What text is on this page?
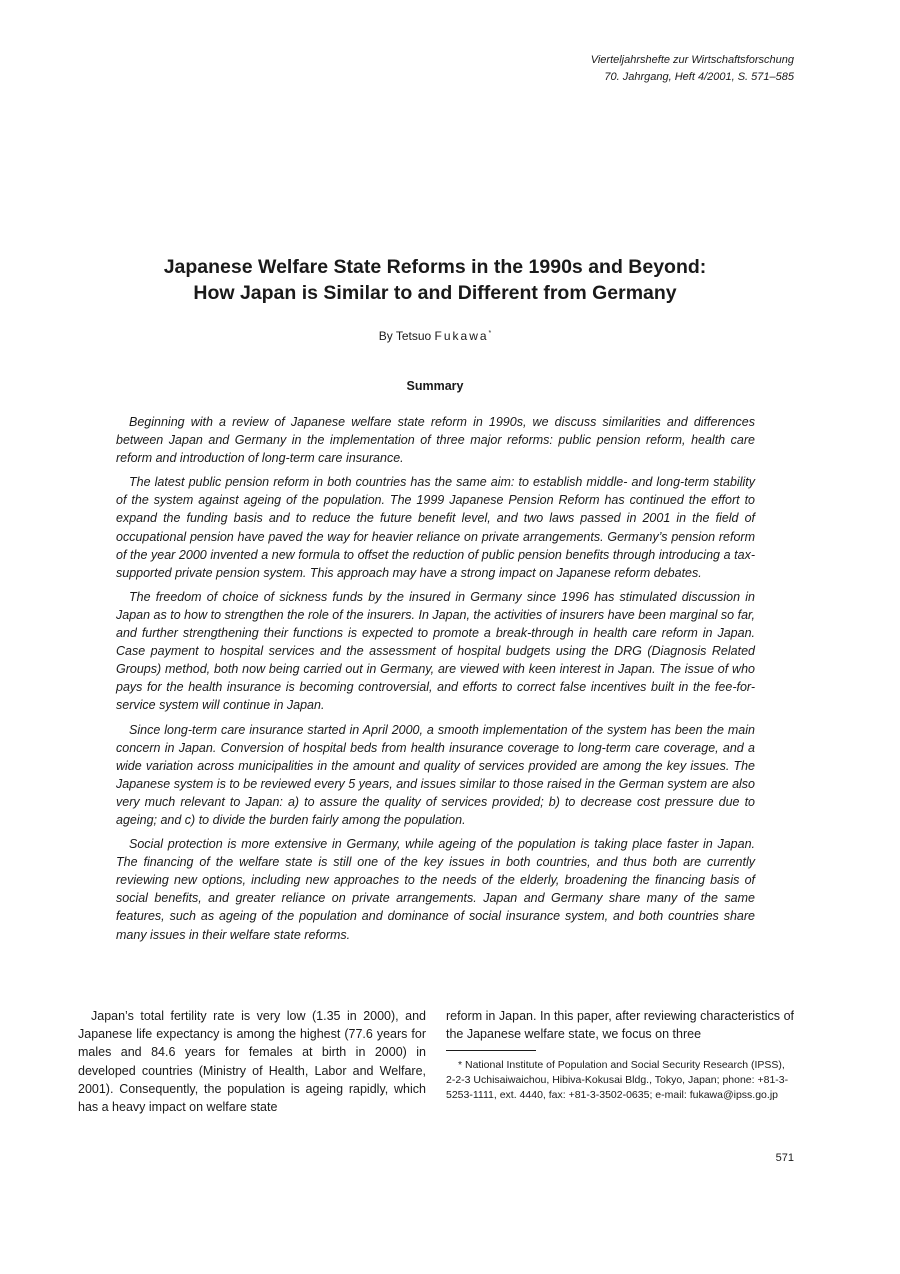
Vierteljahrshefte zur Wirtschaftsforschung
70. Jahrgang, Heft 4/2001, S. 571–585
Japanese Welfare State Reforms in the 1990s and Beyond:
How Japan is Similar to and Different from Germany
By Tetsuo Fukawa*
Summary

Beginning with a review of Japanese welfare state reform in 1990s, we discuss similarities and differences between Japan and Germany in the implementation of three major reforms: public pension reform, health care reform and introduction of long-term care insurance.

The latest public pension reform in both countries has the same aim: to establish middle- and long-term stability of the system against ageing of the population. The 1999 Japanese Pension Reform has continued the effort to expand the funding basis and to reduce the future benefit level, and two laws passed in 2001 in the field of occupational pension have paved the way for heavier reliance on private arrangements. Germany’s pension reform of the year 2000 invented a new formula to offset the reduction of public pension benefits through introducing a tax-supported private pension system. This approach may have a strong impact on Japanese reform debates.

The freedom of choice of sickness funds by the insured in Germany since 1996 has stimulated discussion in Japan as to how to strengthen the role of the insurers. In Japan, the activities of insurers have been marginal so far, and further strengthening their functions is expected to promote a break-through in health care reform in Japan. Case payment to hospital services and the assessment of hospital budgets using the DRG (Diagnosis Related Groups) method, both now being carried out in Germany, are viewed with keen interest in Japan. The issue of who pays for the health insurance is becoming controversial, and efforts to correct false incentives built in the fee-for-service system will continue in Japan.

Since long-term care insurance started in April 2000, a smooth implementation of the system has been the main concern in Japan. Conversion of hospital beds from health insurance coverage to long-term care coverage, and a wide variation across municipalities in the amount and quality of services provided are among the key issues. The Japanese system is to be reviewed every 5 years, and issues similar to those raised in the German system are also very much relevant to Japan: a) to assure the quality of services provided; b) to decrease cost pressure due to ageing; and c) to divide the burden fairly among the population.

Social protection is more extensive in Germany, while ageing of the population is taking place faster in Japan. The financing of the welfare state is still one of the key issues in both countries, and thus both are currently reviewing new options, including new approaches to the needs of the elderly, broadening the financing basis of social benefits, and greater reliance on private arrangements. Japan and Germany share many of the same features, such as ageing of the population and dominance of social insurance system, and both countries share many issues in their welfare state reforms.

Japan’s total fertility rate is very low (1.35 in 2000), and Japanese life expectancy is among the highest (77.6 years for males and 84.6 years for females at birth in 2000) in developed countries (Ministry of Health, Labor and Welfare, 2001). Consequently, the population is ageing rapidly, which has a heavy impact on welfare state

reform in Japan. In this paper, after reviewing characteristics of the Japanese welfare state, we focus on three

* National Institute of Population and Social Security Research (IPSS), 2-2-3 Uchisaiwaichou, Hibiva-Kokusai Bldg., Tokyo, Japan; phone: +81-3-5253-1111, ext. 4440, fax: +81-3-3502-0635; e-mail: fukawa@ipss.go.jp

571
